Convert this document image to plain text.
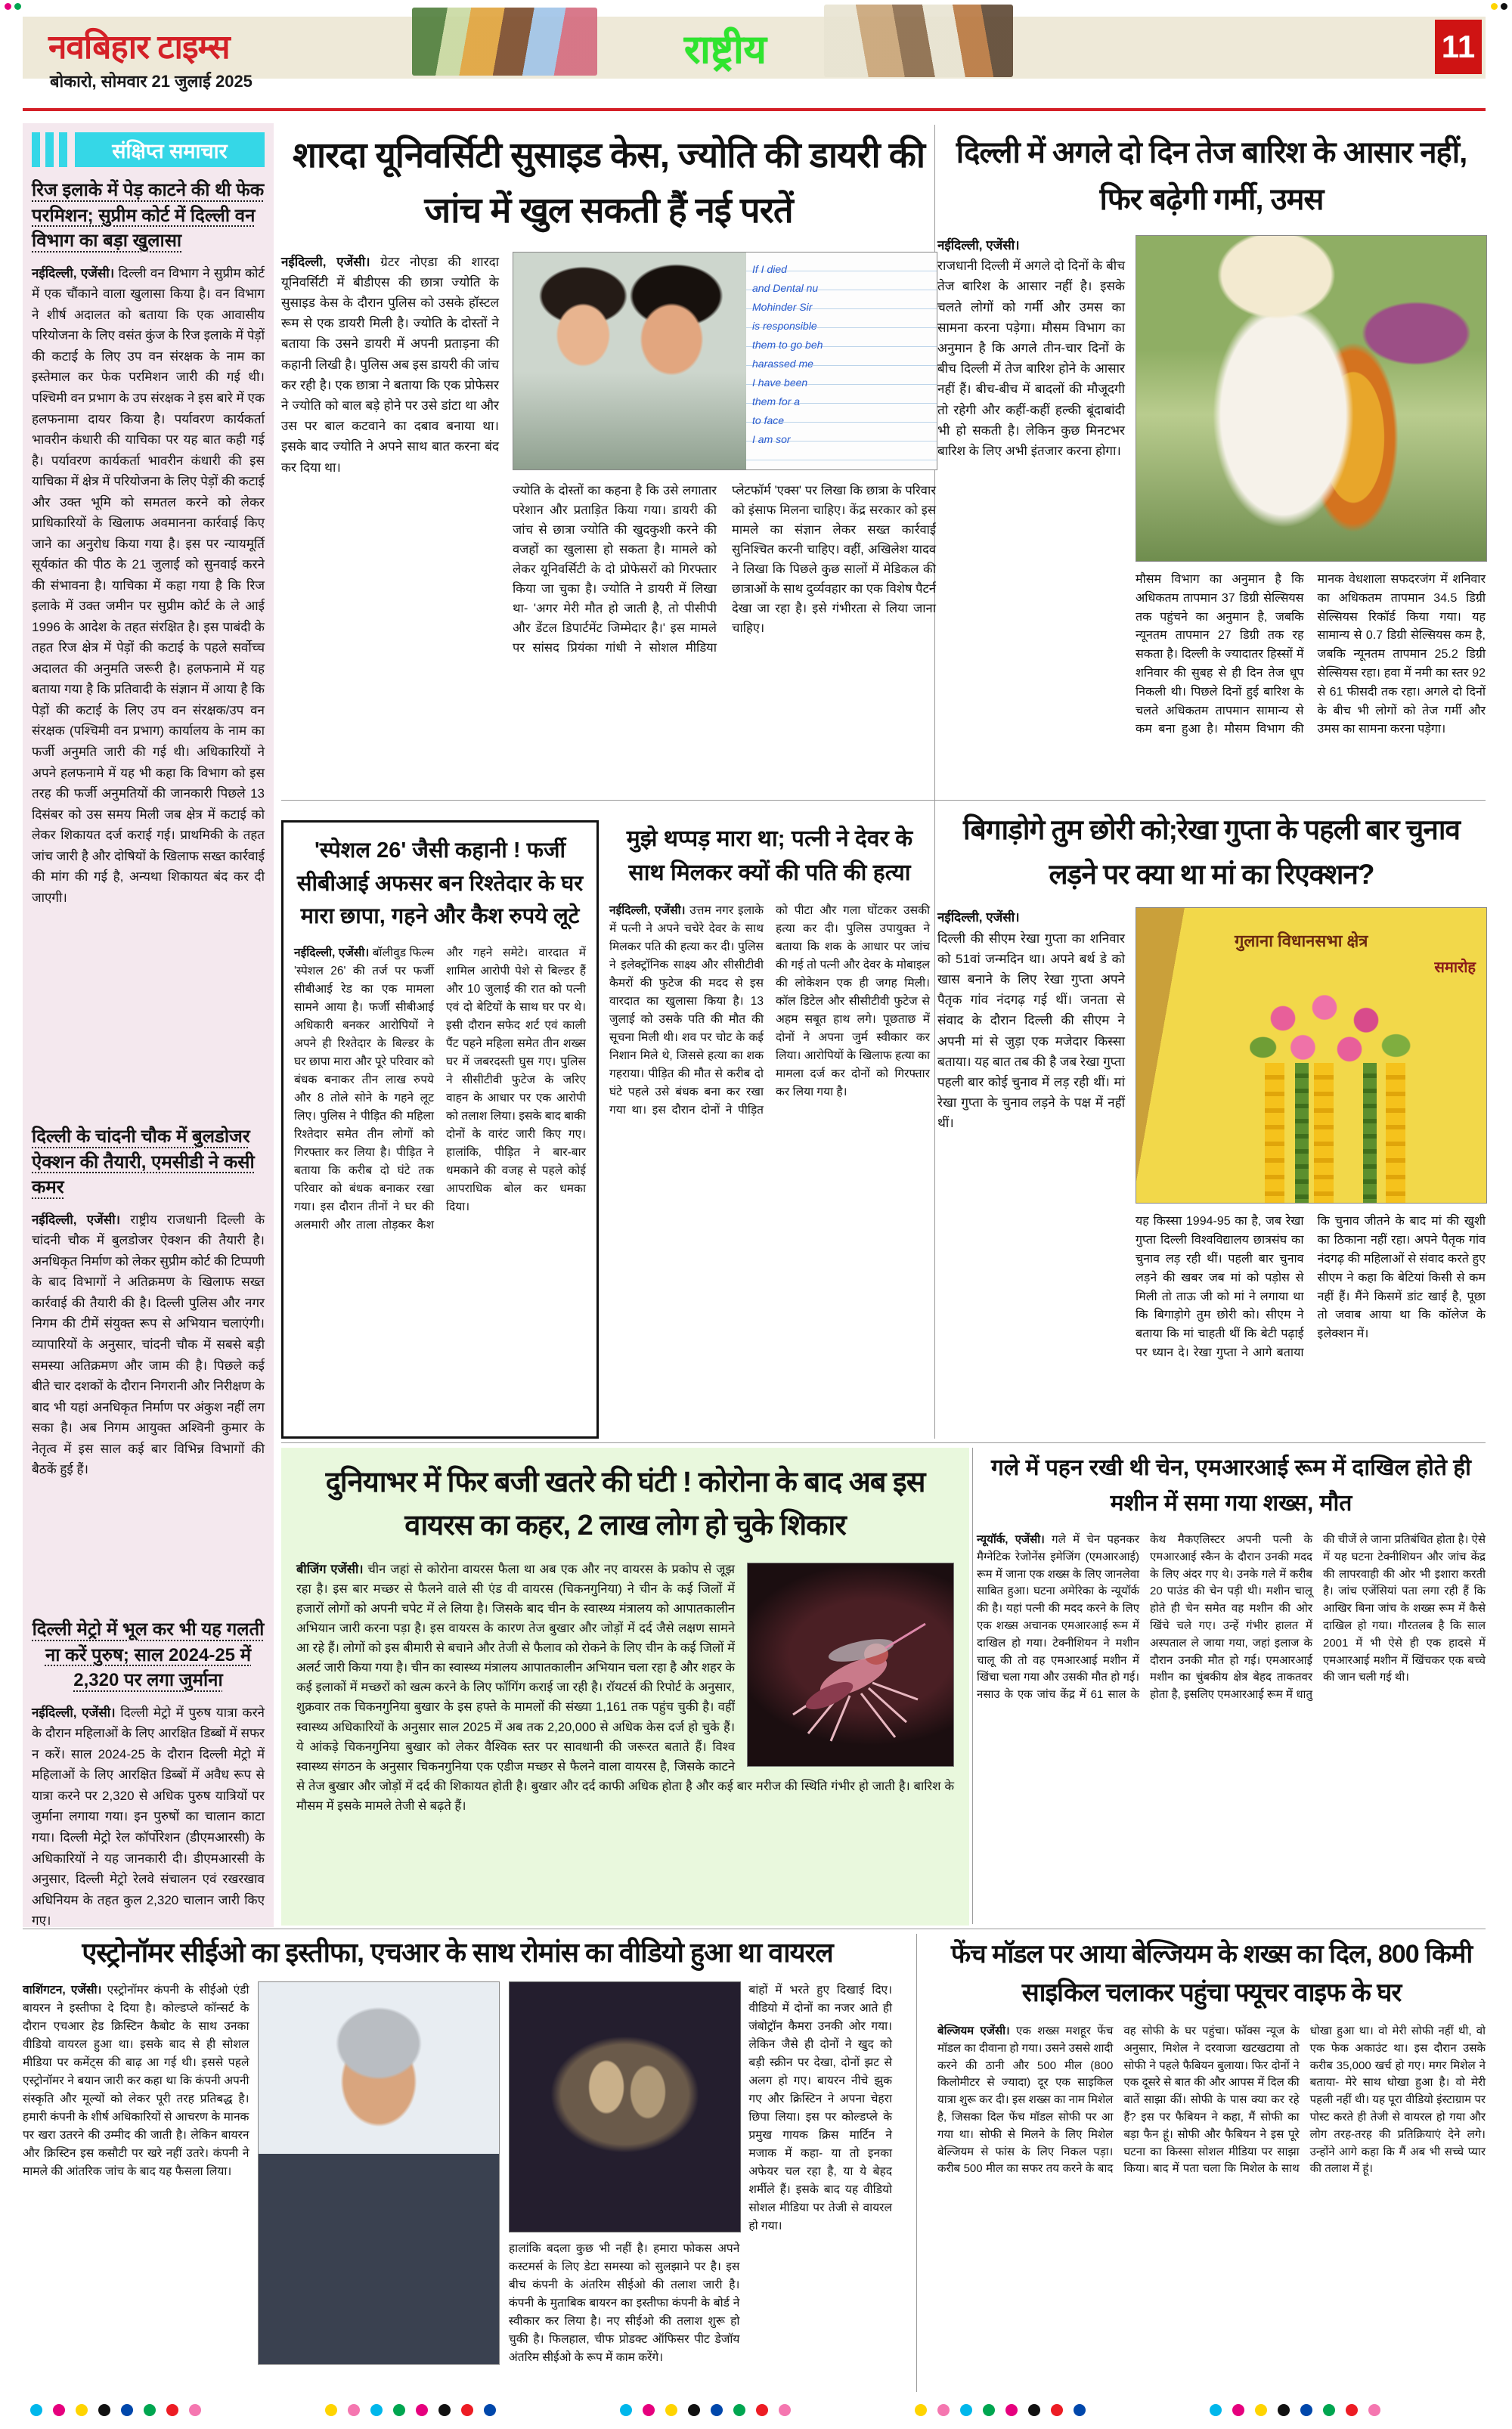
नवबिहार टाइम्स
बोकारो, सोमवार 21 जुलाई 2025
राष्ट्रीय	11
संक्षिप्त समाचार
रिज इलाके में पेड़ काटने की थी फेक परमिशन; सुप्रीम कोर्ट में दिल्ली वन विभाग का बड़ा खुलासा
नईदिल्ली, एजेंसी। दिल्ली वन विभाग ने सुप्रीम कोर्ट में एक चौंकाने वाला खुलासा किया है। वन विभाग ने शीर्ष अदालत को बताया कि एक आवासीय परियोजना के लिए वसंत कुंज के रिज इलाके में पेड़ों की कटाई के लिए उप वन संरक्षक के नाम का इस्तेमाल कर फेक परमिशन जारी की गई थी। पश्चिमी वन प्रभाग के उप संरक्षक ने इस बारे में एक हलफनामा दायर किया है। पर्यावरण कार्यकर्ता भावरीन कंधारी की याचिका पर यह बात कही गई है। पर्यावरण कार्यकर्ता भावरीन कंधारी की इस याचिका में क्षेत्र में परियोजना के लिए पेड़ों की कटाई और उक्त भूमि को समतल करने को लेकर प्राधिकारियों के खिलाफ अवमानना कार्रवाई किए जाने का अनुरोध किया गया है। इस पर न्यायमूर्ति सूर्यकांत की पीठ के 21 जुलाई को सुनवाई करने की संभावना है। याचिका में कहा गया है कि रिज इलाके में उक्त जमीन पर सुप्रीम कोर्ट के ले आई 1996 के आदेश के तहत संरक्षित है। इस पाबंदी के तहत रिज क्षेत्र में पेड़ों की कटाई के पहले सर्वोच्च अदालत की अनुमति जरूरी है। हलफनामे में यह बताया गया है कि प्रतिवादी के संज्ञान में आया है कि पेड़ों की कटाई के लिए उप वन संरक्षक/उप वन संरक्षक (पश्चिमी वन प्रभाग) कार्यालय के नाम का फर्जी अनुमति जारी की गई थी। अधिकारियों ने अपने हलफनामे में यह भी कहा कि विभाग को इस तरह की फर्जी अनुमतियों की जानकारी पिछले 13 दिसंबर को उस समय मिली जब क्षेत्र में कटाई को लेकर शिकायत दर्ज कराई गई। प्राथमिकी के तहत जांच जारी है और दोषियों के खिलाफ सख्त कार्रवाई की मांग की गई है, अन्यथा शिकायत बंद कर दी जाएगी।
दिल्ली के चांदनी चौक में बुलडोजर ऐक्शन की तैयारी, एमसीडी ने कसी कमर
नईदिल्ली, एजेंसी। राष्ट्रीय राजधानी दिल्ली के चांदनी चौक में बुलडोजर ऐक्शन की तैयारी है। अनधिकृत निर्माण को लेकर सुप्रीम कोर्ट की टिप्पणी के बाद विभागों ने अतिक्रमण के खिलाफ सख्त कार्रवाई की तैयारी की है। दिल्ली पुलिस और नगर निगम की टीमें संयुक्त रूप से अभियान चलाएंगी। व्यापारियों के अनुसार, चांदनी चौक में सबसे बड़ी समस्या अतिक्रमण और जाम की है। पिछले कई बीते चार दशकों के दौरान निगरानी और निरीक्षण के बाद भी यहां अनधिकृत निर्माण पर अंकुश नहीं लग सका है। अब निगम आयुक्त अश्विनी कुमार के नेतृत्व में इस साल कई बार विभिन्न विभागों की बैठकें हुई हैं।
दिल्ली मेट्रो में भूल कर भी यह गलती ना करें पुरुष; साल 2024-25 में 2,320 पर लगा जुर्माना
नईदिल्ली, एजेंसी। दिल्ली मेट्रो में पुरुष यात्रा करने के दौरान महिलाओं के लिए आरक्षित डिब्बों में सफर न करें। साल 2024-25 के दौरान दिल्ली मेट्रो में महिलाओं के लिए आरक्षित डिब्बों में अवैध रूप से यात्रा करने पर 2,320 से अधिक पुरुष यात्रियों पर जुर्माना लगाया गया। इन पुरुषों का चालान काटा गया। दिल्ली मेट्रो रेल कॉर्पोरेशन (डीएमआरसी) के अधिकारियों ने यह जानकारी दी। डीएमआरसी के अनुसार, दिल्ली मेट्रो रेलवे संचालन एवं रखरखाव अधिनियम के तहत कुल 2,320 चालान जारी किए गए।
शारदा यूनिवर्सिटी सुसाइड केस, ज्योति की डायरी की जांच में खुल सकती हैं नई परतें
नईदिल्ली, एजेंसी। ग्रेटर नोएडा की शारदा यूनिवर्सिटी में बीडीएस की छात्रा ज्योति के सुसाइड केस के दौरान पुलिस को उसके हॉस्टल रूम से एक डायरी मिली है। ज्योति के दोस्तों ने बताया कि उसने डायरी में अपनी प्रताड़ना की कहानी लिखी है। पुलिस अब इस डायरी की जांच कर रही है। एक छात्रा ने बताया कि एक प्रोफेसर ने ज्योति को बाल बड़े होने पर उसे डांटा था और उस पर बाल कटवाने का दबाव बनाया था। इसके बाद ज्योति ने अपने साथ बात करना बंद कर दिया था।
If I died
and Dental nu
Mohinder Sir
is responsible
them to go beh
harassed me
I have been
them for a
to face
I am sor
ज्योति के दोस्तों का कहना है कि उसे लगातार परेशान और प्रताड़ित किया गया। डायरी की जांच से छात्रा ज्योति की खुदकुशी करने की वजहों का खुलासा हो सकता है। मामले को लेकर यूनिवर्सिटी के दो प्रोफेसरों को गिरफ्तार किया जा चुका है। ज्योति ने डायरी में लिखा था- 'अगर मेरी मौत हो जाती है, तो पीसीपी और डेंटल डिपार्टमेंट जिम्मेदार है।' इस मामले पर सांसद प्रियंका गांधी ने सोशल मीडिया प्लेटफॉर्म 'एक्स' पर लिखा कि छात्रा के परिवार को इंसाफ मिलना चाहिए। केंद्र सरकार को इस मामले का संज्ञान लेकर सख्त कार्रवाई सुनिश्चित करनी चाहिए। वहीं, अखिलेश यादव ने लिखा कि पिछले कुछ सालों में मेडिकल की छात्राओं के साथ दुर्व्यवहार का एक विशेष पैटर्न देखा जा रहा है। इसे गंभीरता से लिया जाना चाहिए।
दिल्ली में अगले दो दिन तेज बारिश के आसार नहीं, फिर बढ़ेगी गर्मी, उमस
नईदिल्ली, एजेंसी।
राजधानी दिल्ली में अगले दो दिनों के बीच तेज बारिश के आसार नहीं है। इसके चलते लोगों को गर्मी और उमस का सामना करना पड़ेगा। मौसम विभाग का अनुमान है कि अगले तीन-चार दिनों के बीच दिल्ली में तेज बारिश होने के आसार नहीं हैं। बीच-बीच में बादलों की मौजूदगी तो रहेगी और कहीं-कहीं हल्की बूंदाबांदी भी हो सकती है। लेकिन कुछ मिनटभर बारिश के लिए अभी इंतजार करना होगा।
मौसम विभाग का अनुमान है कि अधिकतम तापमान 37 डिग्री सेल्सियस तक पहुंचने का अनुमान है, जबकि न्यूनतम तापमान 27 डिग्री तक रह सकता है। दिल्ली के ज्यादातर हिस्सों में शनिवार की सुबह से ही दिन तेज धूप निकली थी। पिछले दिनों हुई बारिश के चलते अधिकतम तापमान सामान्य से कम बना हुआ है। मौसम विभाग की मानक वेधशाला सफदरजंग में शनिवार का अधिकतम तापमान 34.5 डिग्री सेल्सियस रिकॉर्ड किया गया। यह सामान्य से 0.7 डिग्री सेल्सियस कम है, जबकि न्यूनतम तापमान 25.2 डिग्री सेल्सियस रहा। हवा में नमी का स्तर 92 से 61 फीसदी तक रहा। अगले दो दिनों के बीच भी लोगों को तेज गर्मी और उमस का सामना करना पड़ेगा।
'स्पेशल 26' जैसी कहानी ! फर्जी सीबीआई अफसर बन रिश्तेदार के घर मारा छापा, गहने और कैश रुपये लूटे
नईदिल्ली, एजेंसी। बॉलीवुड फिल्म 'स्पेशल 26' की तर्ज पर फर्जी सीबीआई रेड का एक मामला सामने आया है। फर्जी सीबीआई अधिकारी बनकर आरोपियों ने अपने ही रिश्तेदार के बिल्डर के घर छापा मारा और पूरे परिवार को बंधक बनाकर तीन लाख रुपये और 8 तोले सोने के गहने लूट लिए। पुलिस ने पीड़ित की महिला रिश्तेदार समेत तीन लोगों को गिरफ्तार कर लिया है। पीड़ित ने बताया कि करीब दो घंटे तक परिवार को बंधक बनाकर रखा गया। इस दौरान तीनों ने घर की अलमारी और ताला तोड़कर कैश और गहने समेटे। वारदात में शामिल आरोपी पेशे से बिल्डर हैं और 10 जुलाई की रात को पत्नी एवं दो बेटियों के साथ घर पर थे। इसी दौरान सफेद शर्ट एवं काली पैंट पहने महिला समेत तीन शख्स घर में जबरदस्ती घुस गए। पुलिस ने सीसीटीवी फुटेज के जरिए वाहन के आधार पर एक आरोपी को तलाश लिया। इसके बाद बाकी दोनों के वारंट जारी किए गए। हालांकि, पीड़ित ने बार-बार धमकाने की वजह से पहले कोई आपराधिक बोल कर धमका दिया।
मुझे थप्पड़ मारा था; पत्नी ने देवर के साथ मिलकर क्यों की पति की हत्या
नईदिल्ली, एजेंसी। उत्तम नगर इलाके में पत्नी ने अपने चचेरे देवर के साथ मिलकर पति की हत्या कर दी। पुलिस ने इलेक्ट्रॉनिक साक्ष्य और सीसीटीवी कैमरों की फुटेज की मदद से इस वारदात का खुलासा किया है। 13 जुलाई को उसके पति की मौत की सूचना मिली थी। शव पर चोट के कई निशान मिले थे, जिससे हत्या का शक गहराया। पीड़ित की मौत से करीब दो घंटे पहले उसे बंधक बना कर रखा गया था। इस दौरान दोनों ने पीड़ित को पीटा और गला घोंटकर उसकी हत्या कर दी। पुलिस उपायुक्त ने बताया कि शक के आधार पर जांच की गई तो पत्नी और देवर के मोबाइल की लोकेशन एक ही जगह मिली। कॉल डिटेल और सीसीटीवी फुटेज से अहम सबूत हाथ लगे। पूछताछ में दोनों ने अपना जुर्म स्वीकार कर लिया। आरोपियों के खिलाफ हत्या का मामला दर्ज कर दोनों को गिरफ्तार कर लिया गया है।
बिगाड़ोगे तुम छोरी को;रेखा गुप्ता के पहली बार चुनाव लड़ने पर क्या था मां का रिएक्शन?
नईदिल्ली, एजेंसी।
दिल्ली की सीएम रेखा गुप्ता का शनिवार को 51वां जन्मदिन था। अपने बर्थ डे को खास बनाने के लिए रेखा गुप्ता अपने पैतृक गांव नंदगढ़ गई थीं। जनता से संवाद के दौरान दिल्ली की सीएम ने अपनी मां से जुड़ा एक मजेदार किस्सा बताया। यह बात तब की है जब रेखा गुप्ता पहली बार कोई चुनाव में लड़ रही थीं। मां रेखा गुप्ता के चुनाव लड़ने के पक्ष में नहीं थीं।
गुलाना विधानसभा क्षेत्र
समारोह
यह किस्सा 1994-95 का है, जब रेखा गुप्ता दिल्ली विश्वविद्यालय छात्रसंघ का चुनाव लड़ रही थीं। पहली बार चुनाव लड़ने की खबर जब मां को पड़ोस से मिली तो ताऊ जी को मां ने लगाया था कि बिगाड़ोगे तुम छोरी को। सीएम ने बताया कि मां चाहती थीं कि बेटी पढ़ाई पर ध्यान दे। रेखा गुप्ता ने आगे बताया कि चुनाव जीतने के बाद मां की खुशी का ठिकाना नहीं रहा। अपने पैतृक गांव नंदगढ़ की महिलाओं से संवाद करते हुए सीएम ने कहा कि बेटियां किसी से कम नहीं हैं। मैंने किसमें डांट खाई है, पूछा तो जवाब आया था कि कॉलेज के इलेक्शन में।
दुनियाभर में फिर बजी खतरे की घंटी ! कोरोना के बाद अब इस वायरस का कहर, 2 लाख लोग हो चुके शिकार
बीजिंग एजेंसी। चीन जहां से कोरोना वायरस फैला था अब एक और नए वायरस के प्रकोप से जूझ रहा है। इस बार मच्छर से फैलने वाले सी एंड वी वायरस (चिकनगुनिया) ने चीन के कई जिलों में हजारों लोगों को अपनी चपेट में ले लिया है। जिसके बाद चीन के स्वास्थ्य मंत्रालय को आपातकालीन अभियान जारी करना पड़ा है। इस वायरस के कारण तेज बुखार और जोड़ों में दर्द जैसे लक्षण सामने आ रहे हैं। लोगों को इस बीमारी से बचाने और तेजी से फैलाव को रोकने के लिए चीन के कई जिलों में अलर्ट जारी किया गया है। चीन का स्वास्थ्य मंत्रालय आपातकालीन अभियान चला रहा है और शहर के कई इलाकों में मच्छरों को खत्म करने के लिए फॉगिंग कराई जा रही है। रॉयटर्स की रिपोर्ट के अनुसार, शुक्रवार तक चिकनगुनिया बुखार के इस हफ्ते के मामलों की संख्या 1,161 तक पहुंच चुकी है। वहीं स्वास्थ्य अधिकारियों के अनुसार साल 2025 में अब तक 2,20,000 से अधिक केस दर्ज हो चुके हैं। ये आंकड़े चिकनगुनिया बुखार को लेकर वैश्विक स्तर पर सावधानी की जरूरत बताते हैं। विश्व स्वास्थ्य संगठन के अनुसार चिकनगुनिया एक एडीज मच्छर से फैलने वाला वायरस है, जिसके काटने से तेज बुखार और जोड़ों में दर्द की शिकायत होती है। बुखार और दर्द काफी अधिक होता है और कई बार मरीज की स्थिति गंभीर हो जाती है। बारिश के मौसम में इसके मामले तेजी से बढ़ते हैं।
गले में पहन रखी थी चेन, एमआरआई रूम में दाखिल होते ही मशीन में समा गया शख्स, मौत
न्यूयॉर्क, एजेंसी। गले में चेन पहनकर मैग्नेटिक रेजोनेंस इमेजिंग (एमआरआई) रूम में जाना एक शख्स के लिए जानलेवा साबित हुआ। घटना अमेरिका के न्यूयॉर्क की है। यहां पत्नी की मदद करने के लिए एक शख्स अचानक एमआरआई रूम में दाखिल हो गया। टेक्नीशियन ने मशीन चालू की तो वह एमआरआई मशीन में खिंचा चला गया और उसकी मौत हो गई। नसाउ के एक जांच केंद्र में 61 साल के केथ मैकएलिस्टर अपनी पत्नी के एमआरआई स्कैन के दौरान उनकी मदद के लिए अंदर गए थे। उनके गले में करीब 20 पाउंड की चेन पड़ी थी। मशीन चालू होते ही चेन समेत वह मशीन की ओर खिंचे चले गए। उन्हें गंभीर हालत में अस्पताल ले जाया गया, जहां इलाज के दौरान उनकी मौत हो गई। एमआरआई मशीन का चुंबकीय क्षेत्र बेहद ताकतवर होता है, इसलिए एमआरआई रूम में धातु की चीजें ले जाना प्रतिबंधित होता है। ऐसे में यह घटना टेक्नीशियन और जांच केंद्र की लापरवाही की ओर भी इशारा करती है। जांच एजेंसियां पता लगा रही हैं कि आखिर बिना जांच के शख्स रूम में कैसे दाखिल हो गया। गौरतलब है कि साल 2001 में भी ऐसे ही एक हादसे में एमआरआई मशीन में खिंचकर एक बच्चे की जान चली गई थी।
एस्ट्रोनॉमर सीईओ का इस्तीफा, एचआर के साथ रोमांस का वीडियो हुआ था वायरल
वाशिंगटन, एजेंसी। एस्ट्रोनॉमर कंपनी के सीईओ एंडी बायरन ने इस्तीफा दे दिया है। कोल्डप्ले कॉन्सर्ट के दौरान एचआर हेड क्रिस्टिन कैबोट के साथ उनका वीडियो वायरल हुआ था। इसके बाद से ही सोशल मीडिया पर कमेंट्स की बाढ़ आ गई थी। इससे पहले एस्ट्रोनॉमर ने बयान जारी कर कहा था कि कंपनी अपनी संस्कृति और मूल्यों को लेकर पूरी तरह प्रतिबद्ध है। हमारी कंपनी के शीर्ष अधिकारियों से आचरण के मानक पर खरा उतरने की उम्मीद की जाती है। लेकिन बायरन और क्रिस्टिन इस कसौटी पर खरे नहीं उतरे। कंपनी ने मामले की आंतरिक जांच के बाद यह फैसला लिया।
हालांकि बदला कुछ भी नहीं है। हमारा फोकस अपने कस्टमर्स के लिए डेटा समस्या को सुलझाने पर है। इस बीच कंपनी के अंतरिम सीईओ की तलाश जारी है। कंपनी के मुताबिक बायरन का इस्तीफा कंपनी के बोर्ड ने स्वीकार कर लिया है। नए सीईओ की तलाश शुरू हो चुकी है। फिलहाल, चीफ प्रोडक्ट ऑफिसर पीट डेजॉय अंतरिम सीईओ के रूप में काम करेंगे।
बांहों में भरते हुए दिखाई दिए। वीडियो में दोनों का नजर आते ही जंबोट्रॉन कैमरा उनकी ओर गया। लेकिन जैसे ही दोनों ने खुद को बड़ी स्क्रीन पर देखा, दोनों झट से अलग हो गए। बायरन नीचे झुक गए और क्रिस्टिन ने अपना चेहरा छिपा लिया। इस पर कोल्डप्ले के प्रमुख गायक क्रिस मार्टिन ने मजाक में कहा- या तो इनका अफेयर चल रहा है, या ये बेहद शर्मीले हैं। इसके बाद यह वीडियो सोशल मीडिया पर तेजी से वायरल हो गया।
फेंच मॉडल पर आया बेल्जियम के शख्स का दिल, 800 किमी साइकिल चलाकर पहुंचा फ्यूचर वाइफ के घर
बेल्जियम एजेंसी। एक शख्स मशहूर फेंच मॉडल का दीवाना हो गया। उसने उससे शादी करने की ठानी और 500 मील (800 किलोमीटर से ज्यादा) दूर एक साइकिल यात्रा शुरू कर दी। इस शख्स का नाम मिशेल है, जिसका दिल फेंच मॉडल सोफी पर आ गया था। सोफी से मिलने के लिए मिशेल बेल्जियम से फांस के लिए निकल पड़ा। करीब 500 मील का सफर तय करने के बाद वह सोफी के घर पहुंचा। फॉक्स न्यूज के अनुसार, मिशेल ने दरवाजा खटखटाया तो सोफी ने पहले फैबियन बुलाया। फिर दोनों ने एक दूसरे से बात की और आपस में दिल की बातें साझा कीं। सोफी के पास क्या कर रहे हैं? इस पर फैबियन ने कहा, मैं सोफी का बड़ा फैन हूं। सोफी और फैबियन ने इस पूरे घटना का किस्सा सोशल मीडिया पर साझा किया। बाद में पता चला कि मिशेल के साथ धोखा हुआ था। वो मेरी सोफी नहीं थी, वो एक फेक अकाउंट था। इस दौरान उसके करीब 35,000 खर्च हो गए। मगर मिशेल ने बताया- मेरे साथ धोखा हुआ है। वो मेरी पहली नहीं थी। यह पूरा वीडियो इंस्टाग्राम पर पोस्ट करते ही तेजी से वायरल हो गया और लोग तरह-तरह की प्रतिक्रियाएं देने लगे। उन्होंने आगे कहा कि मैं अब भी सच्चे प्यार की तलाश में हूं।
